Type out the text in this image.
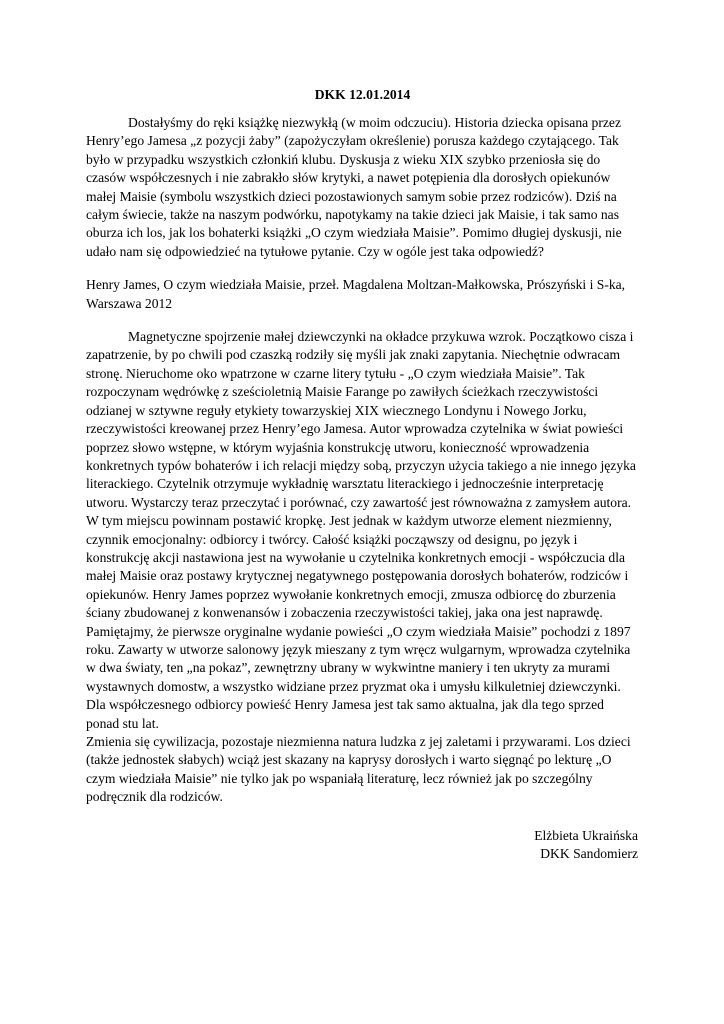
DKK 12.01.2014

Dostałyśmy do ręki książkę niezwykłą (w moim odczuciu). Historia dziecka opisana przez Henry’ego Jamesa „z pozycji żaby” (zapożyczyłam określenie) porusza każdego czytającego. Tak było w przypadku wszystkich członkiń klubu. Dyskusja z wieku XIX szybko przeniosła się do czasów współczesnych i nie zabrakło słów krytyki, a nawet potępienia dla dorosłych opiekunów małej Maisie (symbolu wszystkich dzieci pozostawionych samym sobie przez rodziców). Dziś na całym świecie, także na naszym podwórku, napotykamy na takie dzieci jak Maisie, i tak samo nas oburza ich los, jak los bohaterki książki „O czym wiedziała Maisie”. Pomimo długiej dyskusji, nie udało nam się odpowiedzieć na tytułowe pytanie. Czy w ogóle jest taka odpowiedź?

Henry James, O czym wiedziała Maisie, przeł. Magdalena Moltzan-Małkowska, Prószyński i S-ka, Warszawa 2012

Magnetyczne spojrzenie małej dziewczynki na okładce przykuwa wzrok. Początkowo cisza i zapatrzenie, by po chwili pod czaszką rodziły się myśli jak znaki zapytania. Niechętnie odwracam stronę. Nieruchome oko wpatrzone w czarne litery tytułu - „O czym wiedziała Maisie”. Tak rozpoczynam wędrówkę z sześcioletnią Maisie Farange po zawiłych ścieżkach rzeczywistości odzianej w sztywne reguły etykiety towarzyskiej XIX wiecznego Londynu i Nowego Jorku, rzeczywistości kreowanej przez Henry’ego Jamesa. Autor wprowadza czytelnika w świat powieści poprzez słowo wstępne, w którym wyjaśnia konstrukcję utworu, konieczność wprowadzenia konkretnych typów bohaterów i ich relacji między sobą, przyczyn użycia takiego a nie innego języka literackiego. Czytelnik otrzymuje wykładnię warsztatu literackiego i jednocześnie interpretację utworu. Wystarczy teraz przeczytać i porównać, czy zawartość jest równoważna z zamysłem autora.

W tym miejscu powinnam postawić kropkę. Jest jednak w każdym utworze element niezmienny, czynnik emocjonalny: odbiorcy i twórcy. Całość książki począwszy od designu, po język i konstrukcję akcji nastawiona jest na wywołanie u czytelnika konkretnych emocji - współczucia dla małej Maisie oraz postawy krytycznej negatywnego postępowania dorosłych bohaterów, rodziców i opiekunów. Henry James poprzez wywołanie konkretnych emocji, zmusza odbiorcę do zburzenia ściany zbudowanej z konwenansów i zobaczenia rzeczywistości takiej, jaka ona jest naprawdę. Pamiętajmy, że pierwsze oryginalne wydanie powieści „O czym wiedziała Maisie” pochodzi z 1897 roku. Zawarty w utworze salonowy język mieszany z tym wręcz wulgarnym, wprowadza czytelnika w dwa światy, ten „na pokaz”, zewnętrzny ubrany w wykwintne maniery i ten ukryty za murami wystawnych domostw, a wszystko widziane przez pryzmat oka i umysłu kilkuletniej dziewczynki. Dla współczesnego odbiorcy powieść Henry Jamesa jest tak samo aktualna, jak dla tego sprzed ponad stu lat.

Zmienia się cywilizacja, pozostaje niezmienna natura ludzka z jej zaletami i przywarami. Los dzieci (także jednostek słabych) wciąż jest skazany na kaprysy dorosłych i warto sięgnąć po lekturę „O czym wiedziała Maisie” nie tylko jak po wspaniałą literaturę, lecz również jak po szczególny podręcznik dla rodziców.

Elżbieta Ukraińska
DKK Sandomierz
